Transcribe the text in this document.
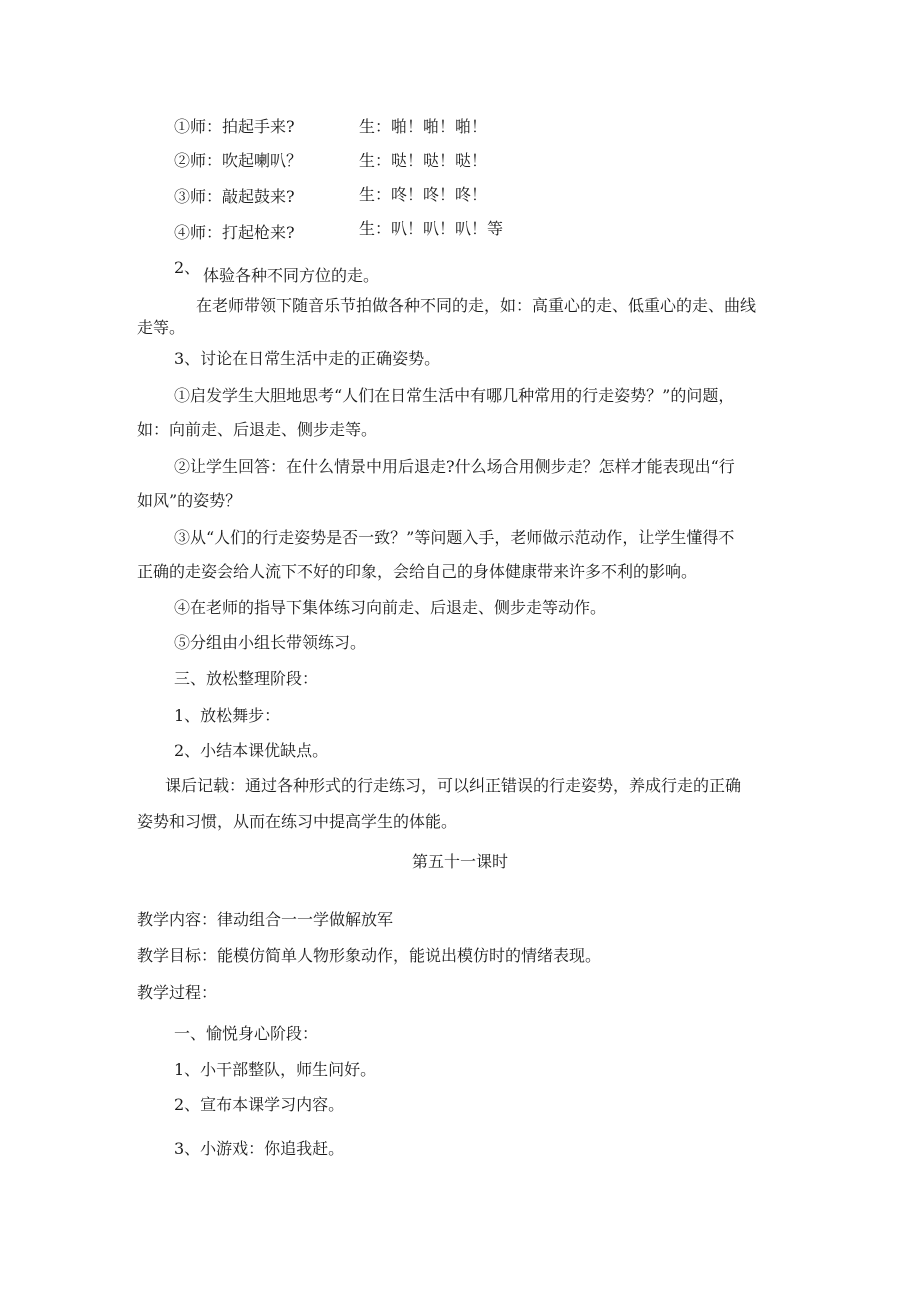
①师：拍起手来?	生：啪！啪！啪！
②师：吹起喇叭？	生：哒！哒！哒！
③师：敲起鼓来?	生：咚！咚！咚！
④师：打起枪来?	生：叭！叭！叭！等
2、 体验各种不同方位的走。
在老师带领下随音乐节拍做各种不同的走，如：高重心的走、低重心的走、曲线
走等。
3、讨论在日常生活中走的正确姿势。
①启发学生大胆地思考“人们在日常生活中有哪几种常用的行走姿势？”的问题，
如：向前走、后退走、侧步走等。
②让学生回答：在什么情景中用后退走?什么场合用侧步走？怎样才能表现出“行
如风”的姿势？
③从“人们的行走姿势是否一致？”等问题入手，老师做示范动作，让学生懂得不
正确的走姿会给人流下不好的印象，会给自己的身体健康带来许多不利的影响。
④在老师的指导下集体练习向前走、后退走、侧步走等动作。
⑤分组由小组长带领练习。
三、放松整理阶段：
1、放松舞步：
2、小结本课优缺点。
课后记载：通过各种形式的行走练习，可以纠正错误的行走姿势，养成行走的正确
姿势和习惯，从而在练习中提高学生的体能。
第五十一课时
教学内容：律动组合一一学做解放军
教学目标：能模仿简单人物形象动作，能说出模仿时的情绪表现。
教学过程：
一、愉悦身心阶段：
1、小干部整队，师生问好。
2、宣布本课学习内容。
3、小游戏：你追我赶。
